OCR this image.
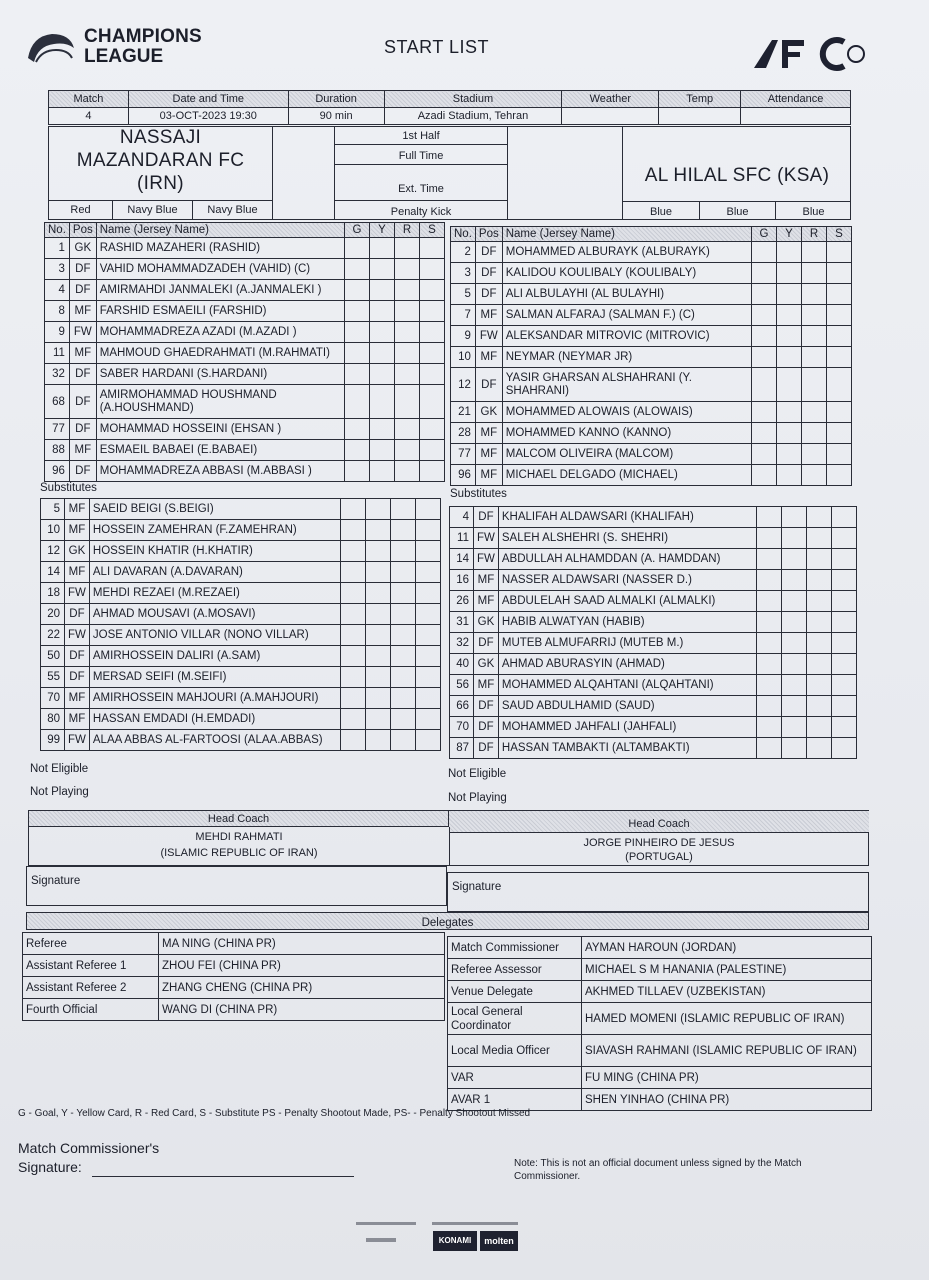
CHAMPIONS
LEAGUE	START LIST
Match	Date and Time	Duration	Stadium	Weather	Temp	Attendance
4	03-OCT-2023 19:30	90 min	Azadi Stadium, Tehran			
NASSAJI
MAZANDARAN FC
(IRN)
Red	Navy Blue	Navy Blue
1st Half
Full Time
Ext. Time
Penalty Kick
AL HILAL SFC (KSA)
Blue	Blue	Blue
No.	Pos	Name (Jersey Name)	G	Y	R	S
1	GK	RASHID MAZAHERI (RASHID)				
3	DF	VAHID MOHAMMADZADEH (VAHID) (C)				
4	DF	AMIRMAHDI JANMALEKI (A.JANMALEKI )				
8	MF	FARSHID ESMAEILI (FARSHID)				
9	FW	MOHAMMADREZA AZADI (M.AZADI )				
11	MF	MAHMOUD GHAEDRAHMATI (M.RAHMATI)				
32	DF	SABER HARDANI (S.HARDANI)				
68	DF	AMIRMOHAMMAD HOUSHMAND (A.HOUSHMAND)				
77	DF	MOHAMMAD HOSSEINI (EHSAN )				
88	MF	ESMAEIL BABAEI (E.BABAEI)				
96	DF	MOHAMMADREZA ABBASI (M.ABBASI )				
Substitutes
5	MF	SAEID BEIGI (S.BEIGI)				
10	MF	HOSSEIN ZAMEHRAN (F.ZAMEHRAN)				
12	GK	HOSSEIN KHATIR (H.KHATIR)				
14	MF	ALI DAVARAN (A.DAVARAN)				
18	FW	MEHDI REZAEI (M.REZAEI)				
20	DF	AHMAD MOUSAVI (A.MOSAVI)				
22	FW	JOSE ANTONIO VILLAR (NONO VILLAR)				
50	DF	AMIRHOSSEIN DALIRI (A.SAM)				
55	DF	MERSAD SEIFI (M.SEIFI)				
70	MF	AMIRHOSSEIN MAHJOURI (A.MAHJOURI)				
80	MF	HASSAN EMDADI (H.EMDADI)				
99	FW	ALAA ABBAS AL-FARTOOSI (ALAA.ABBAS)				
Not Eligible
Not Playing
No.	Pos	Name (Jersey Name)	G	Y	R	S
2	DF	MOHAMMED ALBURAYK (ALBURAYK)				
3	DF	KALIDOU KOULIBALY (KOULIBALY)				
5	DF	ALI ALBULAYHI (AL BULAYHI)				
7	MF	SALMAN ALFARAJ (SALMAN F.) (C)				
9	FW	ALEKSANDAR MITROVIC (MITROVIC)				
10	MF	NEYMAR (NEYMAR JR)				
12	DF	YASIR GHARSAN ALSHAHRANI (Y. SHAHRANI)				
21	GK	MOHAMMED ALOWAIS (ALOWAIS)				
28	MF	MOHAMMED KANNO (KANNO)				
77	MF	MALCOM OLIVEIRA (MALCOM)				
96	MF	MICHAEL DELGADO (MICHAEL)				
Substitutes
4	DF	KHALIFAH ALDAWSARI (KHALIFAH)				
11	FW	SALEH ALSHEHRI (S. SHEHRI)				
14	FW	ABDULLAH ALHAMDDAN (A. HAMDDAN)				
16	MF	NASSER ALDAWSARI (NASSER D.)				
26	MF	ABDULELAH SAAD ALMALKI (ALMALKI)				
31	GK	HABIB ALWATYAN (HABIB)				
32	DF	MUTEB ALMUFARRIJ (MUTEB M.)				
40	GK	AHMAD ABURASYIN (AHMAD)				
56	MF	MOHAMMED ALQAHTANI (ALQAHTANI)				
66	DF	SAUD ABDULHAMID (SAUD)				
70	DF	MOHAMMED JAHFALI (JAHFALI)				
87	DF	HASSAN TAMBAKTI (ALTAMBAKTI)				
Not Eligible
Not Playing
Head Coach	Head Coach
MEHDI RAHMATI
(ISLAMIC REPUBLIC OF IRAN)
JORGE PINHEIRO DE JESUS
(PORTUGAL)
Signature	Signature
Delegates
Referee	MA NING (CHINA PR)
Assistant Referee 1	ZHOU FEI (CHINA PR)
Assistant Referee 2	ZHANG CHENG (CHINA PR)
Fourth Official	WANG DI (CHINA PR)
Match Commissioner	AYMAN HAROUN (JORDAN)
Referee Assessor	MICHAEL S M HANANIA (PALESTINE)
Venue Delegate	AKHMED TILLAEV (UZBEKISTAN)
Local General Coordinator	HAMED MOMENI (ISLAMIC REPUBLIC OF IRAN)
Local Media Officer	SIAVASH RAHMANI (ISLAMIC REPUBLIC OF IRAN)
VAR	FU MING (CHINA PR)
AVAR 1	SHEN YINHAO (CHINA PR)
G - Goal, Y - Yellow Card, R - Red Card, S - Substitute PS - Penalty Shootout Made, PS- - Penalty Shootout Missed
Match Commissioner's
Signature:	Note: This is not an official document unless signed by the Match Commissioner.
KONAMI	molten
